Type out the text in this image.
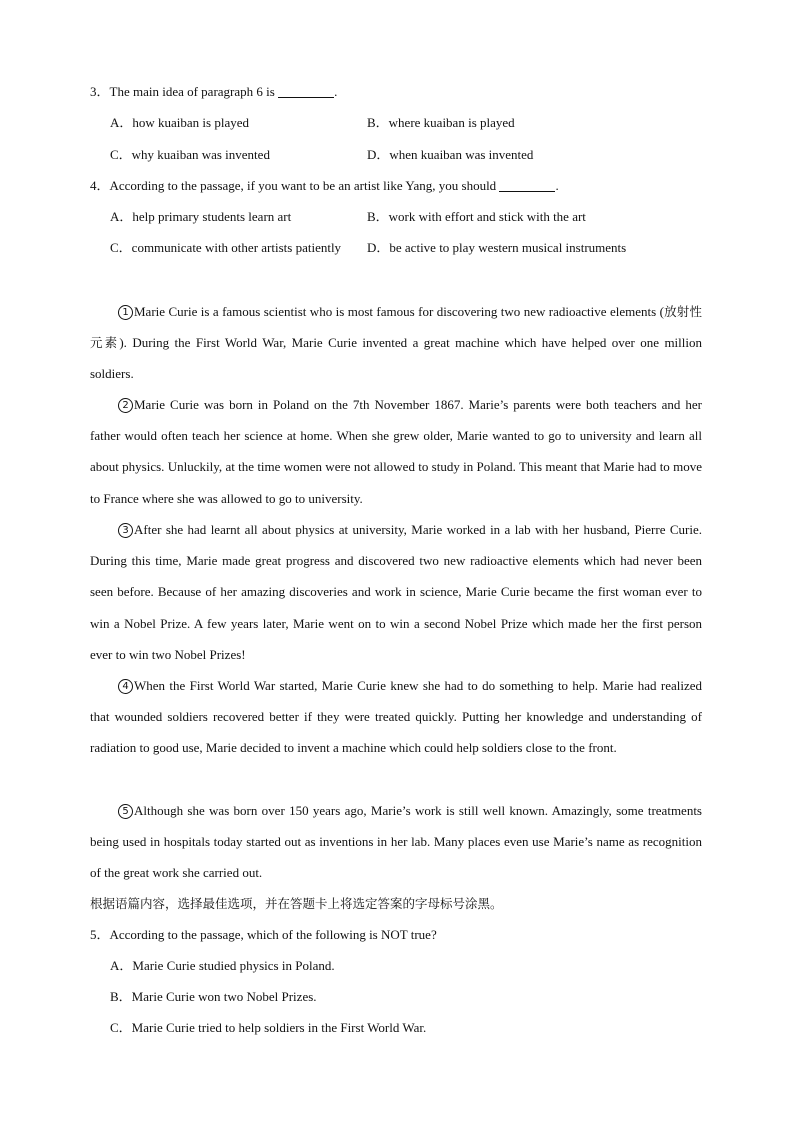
3．The main idea of paragraph 6 is	.
A．how kuaiban is played	B．where kuaiban is played
C．why kuaiban was invented	D．when kuaiban was invented
4．According to the passage, if you want to be an artist like Yang, you should	.
A．help primary students learn art	B．work with effort and stick with the art
C．communicate with other artists patiently D．be active to play western musical instruments

1 Marie Curie is a famous scientist who is most famous for discovering two new radioactive elements (放射性元素). During the First World War, Marie Curie invented a great machine which have helped over one million soldiers.

2 Marie Curie was born in Poland on the 7th November 1867. Marie’s parents were both teachers and her father would often teach her science at home. When she grew older, Marie wanted to go to university and learn all about physics. Unluckily, at the time women were not allowed to study in Poland. This meant that Marie had to move to France where she was allowed to go to university.

3 After she had learnt all about physics at university, Marie worked in a lab with her husband, Pierre Curie. During this time, Marie made great progress and discovered two new radioactive elements which had never been seen before. Because of her amazing discoveries and work in science, Marie Curie became the first woman ever to win a Nobel Prize. A few years later, Marie went on to win a second Nobel Prize which made her the first person ever to win two Nobel Prizes!

4 When the First World War started, Marie Curie knew she had to do something to help. Marie had realized that wounded soldiers recovered better if they were treated quickly. Putting her knowledge and understanding of radiation to good use, Marie decided to invent a machine which could help soldiers close to the front.

5 Although she was born over 150 years ago, Marie’s work is still well known. Amazingly, some treatments being used in hospitals today started out as inventions in her lab. Many places even use Marie’s name as recognition of the great work she carried out.

根据语篇内容，选择最佳选项，并在答题卡上将选定答案的字母标号涂黑。
5．According to the passage, which of the following is NOT true?
A．Marie Curie studied physics in Poland.
B．Marie Curie won two Nobel Prizes.
C．Marie Curie tried to help soldiers in the First World War.
